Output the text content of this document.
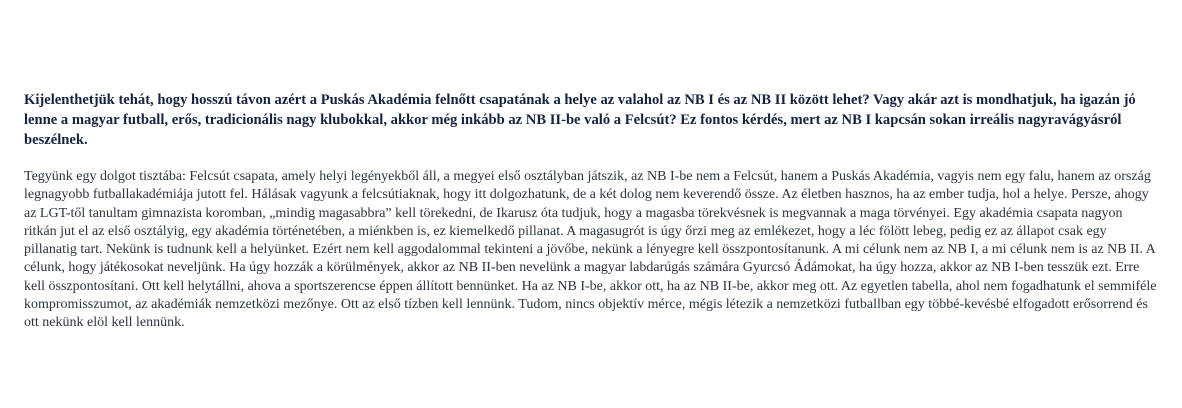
Kijelenthetjük tehát, hogy hosszú távon azért a Puskás Akadémia felnőtt csapatának a helye az valahol az NB I és az NB II között lehet? Vagy akár azt is mondhatjuk, ha igazán jó lenne a magyar futball, erős, tradicionális nagy klubokkal, akkor még inkább az NB II-be való a Felcsút? Ez fontos kérdés, mert az NB I kapcsán sokan irreális nagyravágyásról beszélnek.

Tegyünk egy dolgot tisztába: Felcsút csapata, amely helyi legényekből áll, a megyei első osztályban játszik, az NB I-be nem a Felcsút, hanem a Puskás Akadémia, vagyis nem egy falu, hanem az ország legnagyobb futballakadémiája jutott fel. Hálásak vagyunk a felcsútiaknak, hogy itt dolgozhatunk, de a két dolog nem keverendő össze. Az életben hasznos, ha az ember tudja, hol a helye. Persze, ahogy az LGT-től tanultam gimnazista koromban, „mindig magasabbra” kell törekedni, de Ikarusz óta tudjuk, hogy a magasba törekvésnek is megvannak a maga törvényei. Egy akadémia csapata nagyon ritkán jut el az első osztályig, egy akadémia történetében, a miénkben is, ez kiemelkedő pillanat. A magasugrót is úgy őrzi meg az emlékezet, hogy a léc fölött lebeg, pedig ez az állapot csak egy pillanatig tart. Nekünk is tudnunk kell a helyünket. Ezért nem kell aggodalommal tekinteni a jövőbe, nekünk a lényegre kell összpontosítanunk. A mi célunk nem az NB I, a mi célunk nem is az NB II. A célunk, hogy játékosokat neveljünk. Ha úgy hozzák a körülmények, akkor az NB II-ben nevelünk a magyar labdarúgás számára Gyurcsó Ádámokat, ha úgy hozza, akkor az NB I-ben tesszük ezt. Erre kell összpontosítani. Ott kell helytállni, ahova a sportszerencse éppen állított bennünket. Ha az NB I-be, akkor ott, ha az NB II-be, akkor meg ott. Az egyetlen tabella, ahol nem fogadhatunk el semmiféle kompromisszumot, az akadémiák nemzetközi mezőnye. Ott az első tízben kell lennünk. Tudom, nincs objektív mérce, mégis létezik a nemzetközi futballban egy többé-kevésbé elfogadott erősorrend és ott nekünk elöl kell lennünk.
